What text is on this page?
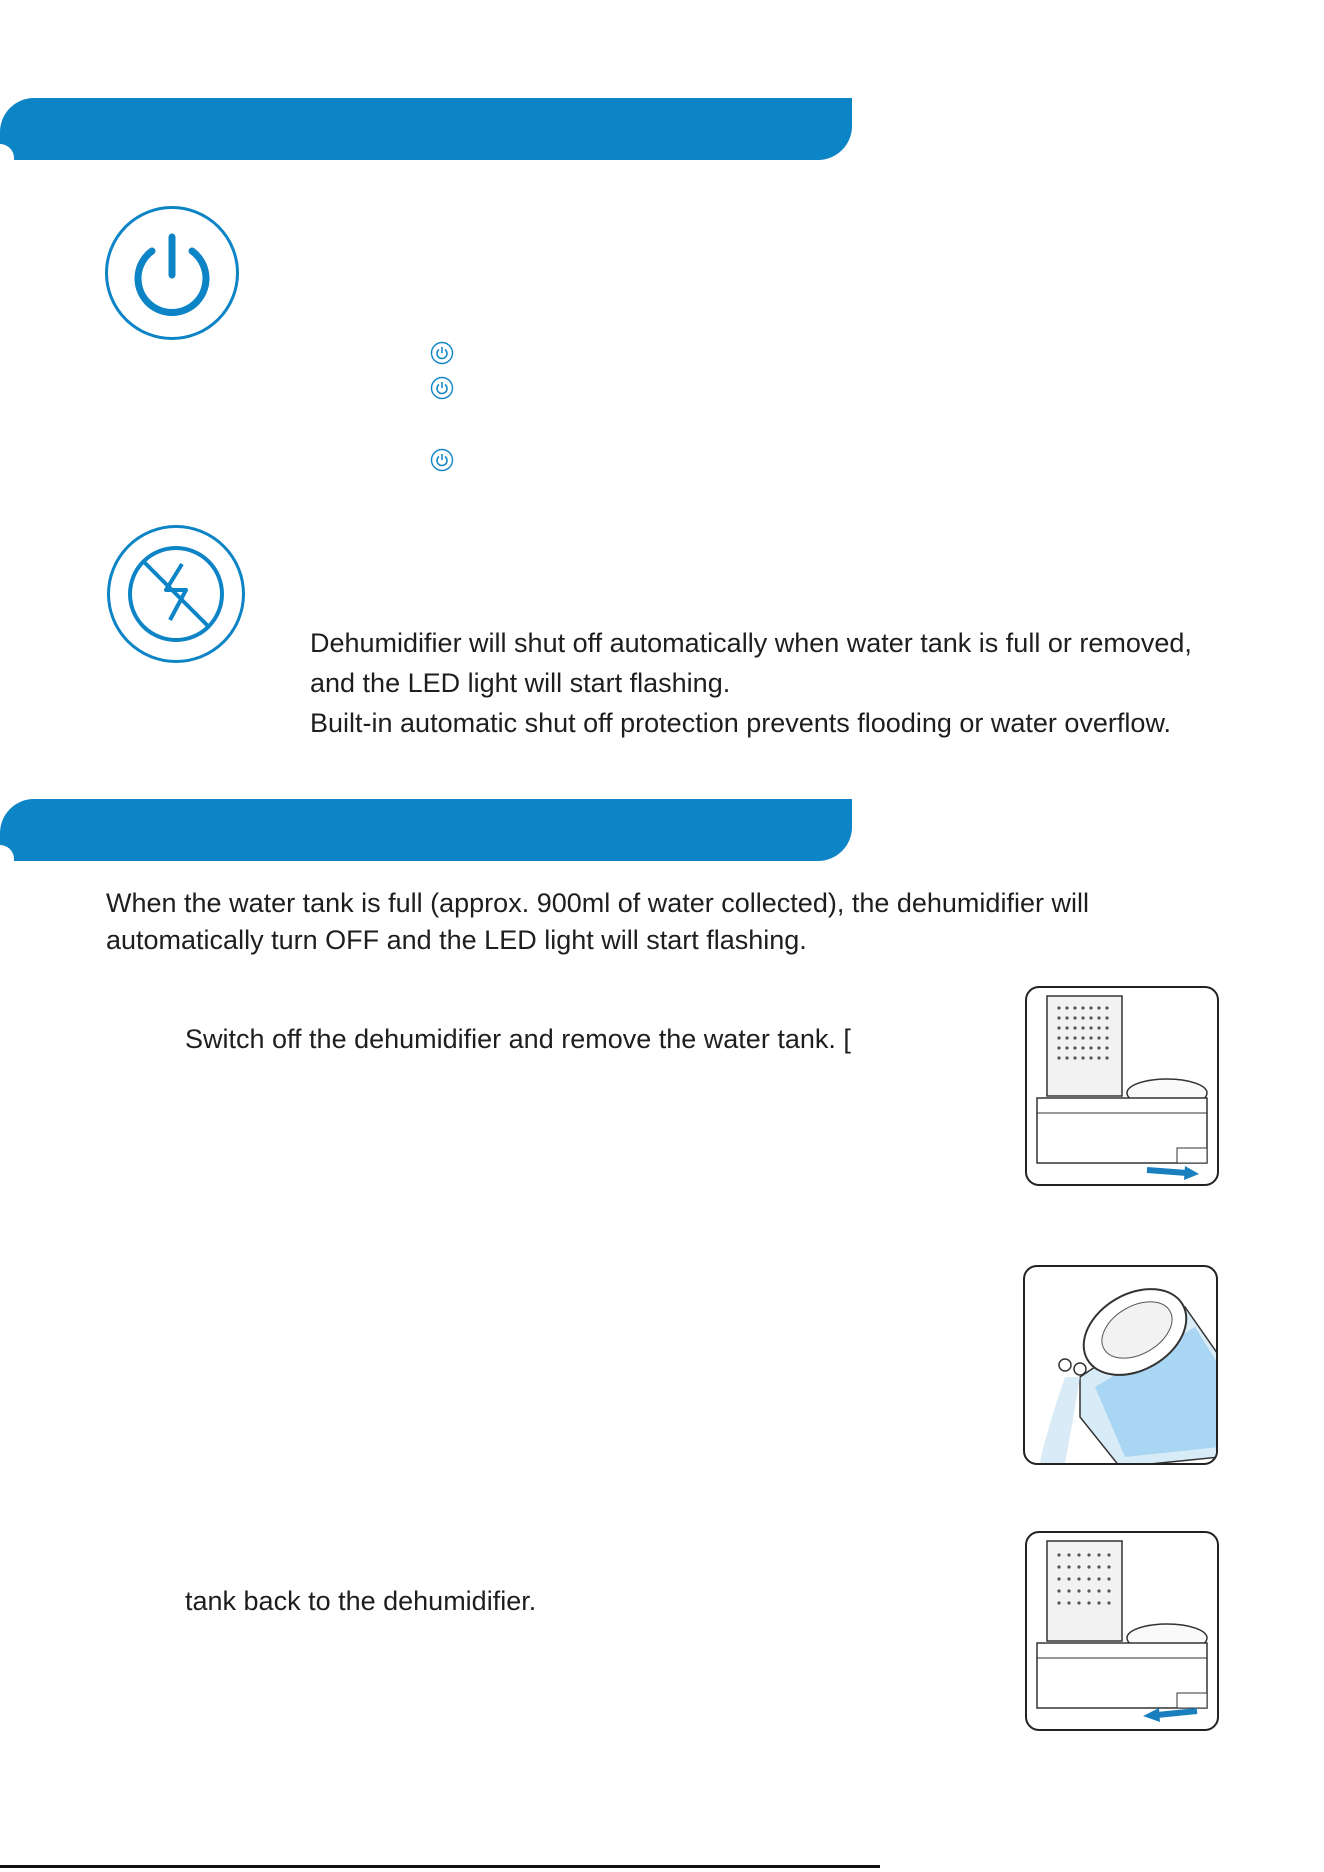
Dehumidifier will shut off automatically when water tank is full or removed,
and the LED light will start flashing.
Built-in automatic shut off protection prevents flooding or water overflow.
When the water tank is full (approx. 900ml of water collected), the dehumidifier will
automatically turn OFF and the LED light will start flashing.
Switch off the dehumidifier and remove the water tank. [
tank back to the dehumidifier.
